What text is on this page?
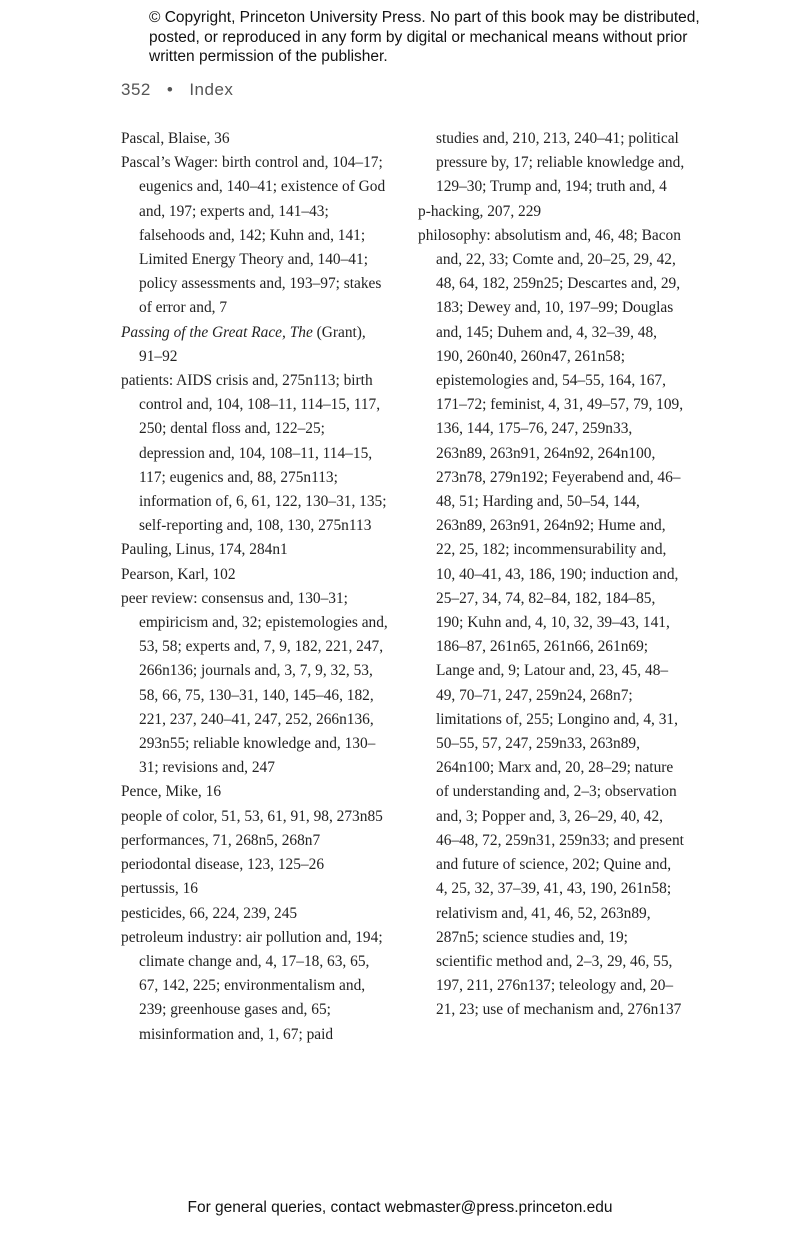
© Copyright, Princeton University Press. No part of this book may be distributed, posted, or reproduced in any form by digital or mechanical means without prior written permission of the publisher.
352 • Index

Pascal, Blaise, 36

Pascal’s Wager: birth control and, 104–17; eugenics and, 140–41; existence of God and, 197; experts and, 141–43; falsehoods and, 142; Kuhn and, 141; Limited Energy Theory and, 140–41; policy assessments and, 193–97; stakes of error and, 7

Passing of the Great Race, The (Grant), 91–92

patients: AIDS crisis and, 275n113; birth control and, 104, 108–11, 114–15, 117, 250; dental floss and, 122–25; depression and, 104, 108–11, 114–15, 117; eugenics and, 88, 275n113; information of, 6, 61, 122, 130–31, 135; self-reporting and, 108, 130, 275n113

Pauling, Linus, 174, 284n1

Pearson, Karl, 102

peer review: consensus and, 130–31; empiricism and, 32; epistemologies and, 53, 58; experts and, 7, 9, 182, 221, 247, 266n136; journals and, 3, 7, 9, 32, 53, 58, 66, 75, 130–31, 140, 145–46, 182, 221, 237, 240–41, 247, 252, 266n136, 293n55; reliable knowledge and, 130–31; revisions and, 247

Pence, Mike, 16

people of color, 51, 53, 61, 91, 98, 273n85

performances, 71, 268n5, 268n7

periodontal disease, 123, 125–26

pertussis, 16

pesticides, 66, 224, 239, 245

petroleum industry: air pollution and, 194; climate change and, 4, 17–18, 63, 65, 67, 142, 225; environmentalism and, 239; greenhouse gases and, 65; misinformation and, 1, 67; paid

studies and, 210, 213, 240–41; political pressure by, 17; reliable knowledge and, 129–30; Trump and, 194; truth and, 4

p-hacking, 207, 229

philosophy: absolutism and, 46, 48; Bacon and, 22, 33; Comte and, 20–25, 29, 42, 48, 64, 182, 259n25; Descartes and, 29, 183; Dewey and, 10, 197–99; Douglas and, 145; Duhem and, 4, 32–39, 48, 190, 260n40, 260n47, 261n58; epistemologies and, 54–55, 164, 167, 171–72; feminist, 4, 31, 49–57, 79, 109, 136, 144, 175–76, 247, 259n33, 263n89, 263n91, 264n92, 264n100, 273n78, 279n192; Feyerabend and, 46–48, 51; Harding and, 50–54, 144, 263n89, 263n91, 264n92; Hume and, 22, 25, 182; incommensurability and, 10, 40–41, 43, 186, 190; induction and, 25–27, 34, 74, 82–84, 182, 184–85, 190; Kuhn and, 4, 10, 32, 39–43, 141, 186–87, 261n65, 261n66, 261n69; Lange and, 9; Latour and, 23, 45, 48–49, 70–71, 247, 259n24, 268n7; limitations of, 255; Longino and, 4, 31, 50–55, 57, 247, 259n33, 263n89, 264n100; Marx and, 20, 28–29; nature of understanding and, 2–3; observation and, 3; Popper and, 3, 26–29, 40, 42, 46–48, 72, 259n31, 259n33; and present and future of science, 202; Quine and, 4, 25, 32, 37–39, 41, 43, 190, 261n58; relativism and, 41, 46, 52, 263n89, 287n5; science studies and, 19; scientific method and, 2–3, 29, 46, 55, 197, 211, 276n137; teleology and, 20–21, 23; use of mechanism and, 276n137

For general queries, contact webmaster@press.princeton.edu
